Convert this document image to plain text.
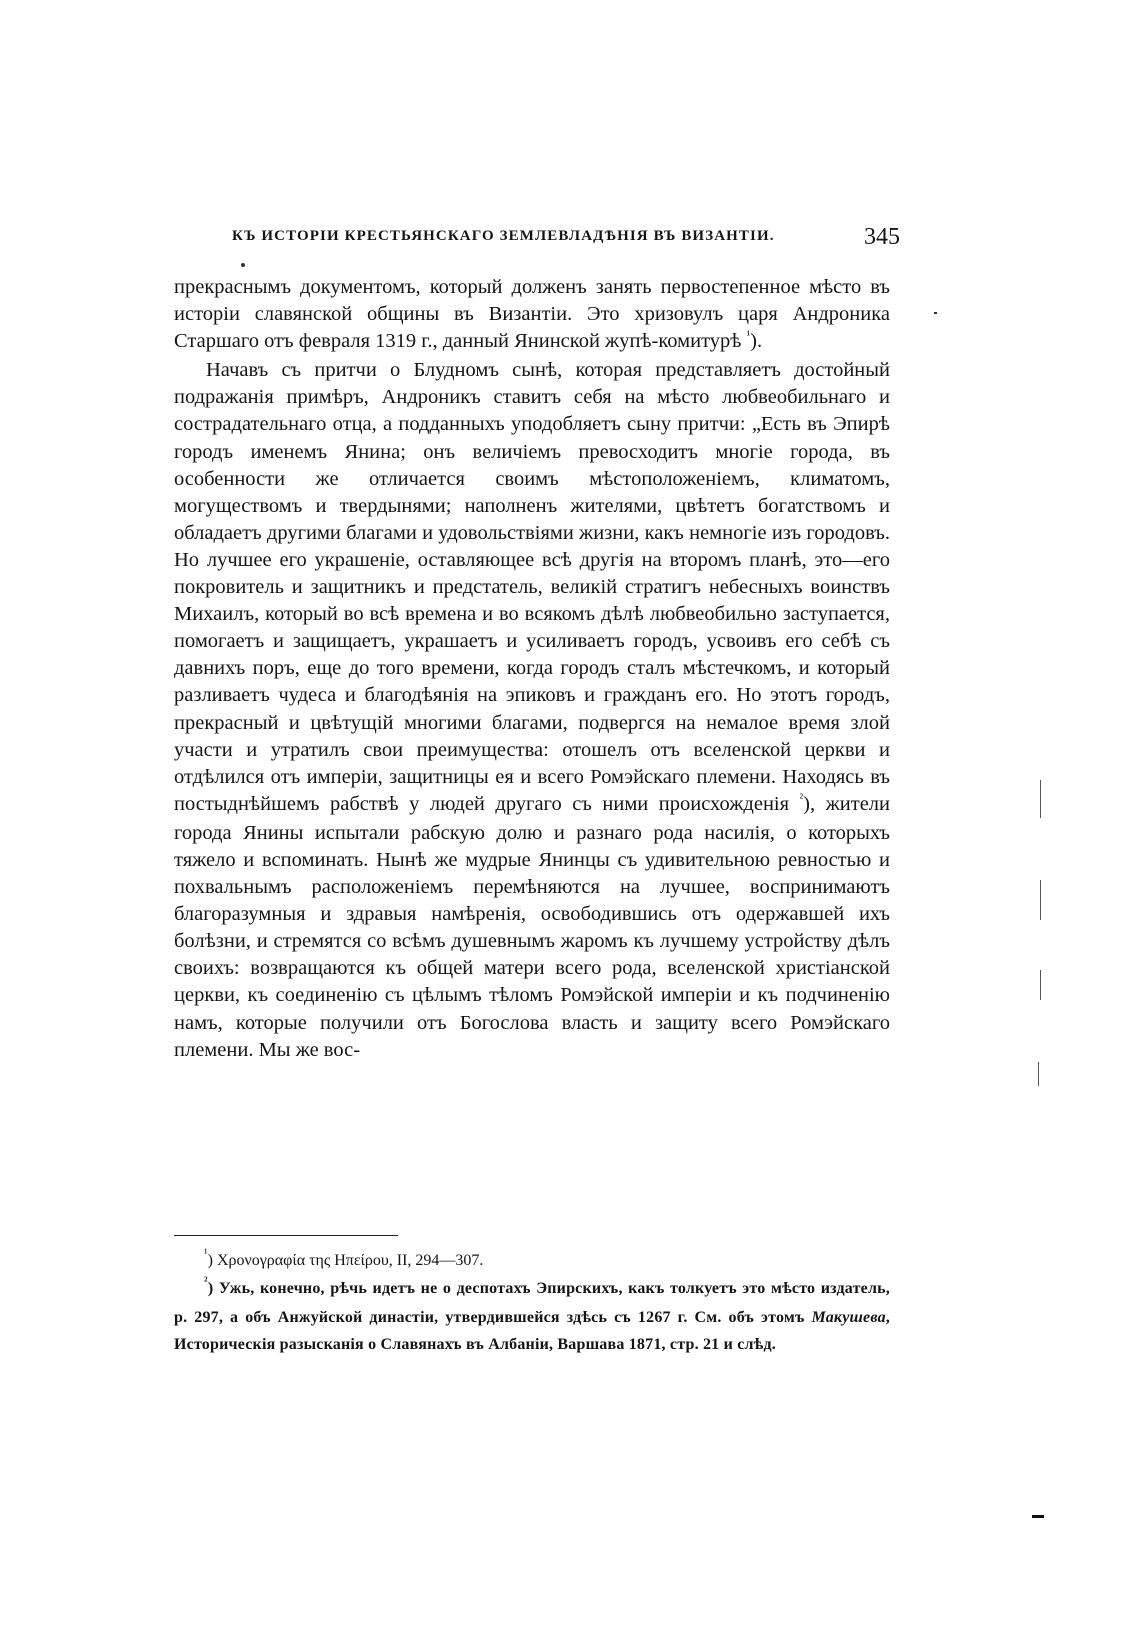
КЪ ИСТОРІИ КРЕСТЬЯНСКАГО ЗЕМЛЕВЛАДѢНІЯ ВЪ ВИЗАНТІИ.	345

прекраснымъ документомъ, который долженъ занять первостепенное мѣсто въ исторіи славянской общины въ Византіи. Это хризовулъ царя Андроника Старшаго отъ февраля 1319 г., данный Янинской жупѣ-комитурѣ $^{^1}$).

Начавъ съ притчи о Блудномъ сынѣ, которая представляетъ достойный подражанія примѣръ, Андроникъ ставитъ себя на мѣсто любвеобильнаго и сострадательнаго отца, а подданныхъ уподобляетъ сыну притчи: „Есть въ Эпирѣ городъ именемъ Янина; онъ величіемъ превосходитъ многіе города, въ особенности же отличается своимъ мѣстоположеніемъ, климатомъ, могуществомъ и твердынями; наполненъ жителями, цвѣтетъ богатствомъ и обладаетъ другими благами и удовольствіями жизни, какъ немногіе изъ городовъ. Но лучшее его украшеніе, оставляющее всѣ другія на второмъ планѣ, это—его покровитель и защитникъ и предстатель, великій стратигъ небесныхъ воинствъ Михаилъ, который во всѣ времена и во всякомъ дѣлѣ любвеобильно заступается, помогаетъ и защищаетъ, украшаетъ и усиливаетъ городъ, усвоивъ его себѣ съ давнихъ поръ, еще до того времени, когда городъ сталъ мѣстечкомъ, и который разливаетъ чудеса и благодѣянія на эпиковъ и гражданъ его. Но этотъ городъ, прекрасный и цвѣтущій многими благами, подвергся на немалое время злой участи и утратилъ свои преимущества: отошелъ отъ вселенской церкви и отдѣлился отъ имперіи, защитницы ея и всего Ромэйскаго племени. Находясь въ постыднѣйшемъ рабствѣ у людей другаго съ ними происхожденія $^{^2}$), жители города Янины испытали рабскую долю и разнаго рода насилія, о которыхъ тяжело и вспоминать. Нынѣ же мудрые Янинцы съ удивительною ревностью и похвальнымъ расположеніемъ перемѣняются на лучшее, воспринимаютъ благоразумныя и здравыя намѣренія, освободившись отъ одержавшей ихъ болѣзни, и стремятся со всѣмъ душевнымъ жаромъ къ лучшему устройству дѣлъ своихъ: возвращаются къ общей матери всего рода, вселенской христіанской церкви, къ соединенію съ цѣлымъ тѣломъ Ромэйской имперіи и къ подчиненію намъ, которые получили отъ Богослова власть и защиту всего Ромэйскаго племени. Мы же вос-

$^{^1}$) Χρονογραφία της Ηπείρου, II, 294—307.

$^{^2}$) Ужь, конечно, рѣчь идетъ не о деспотахъ Эпирскихъ, какъ толкуетъ это мѣсто издатель, p. 297, а объ Анжуйской династіи, утвердившейся здѣсь съ 1267 г. См. объ этомъ Макушева, Историческія разысканія о Славянахъ въ Албаніи, Варшава 1871, стр. 21 и слѣд.
